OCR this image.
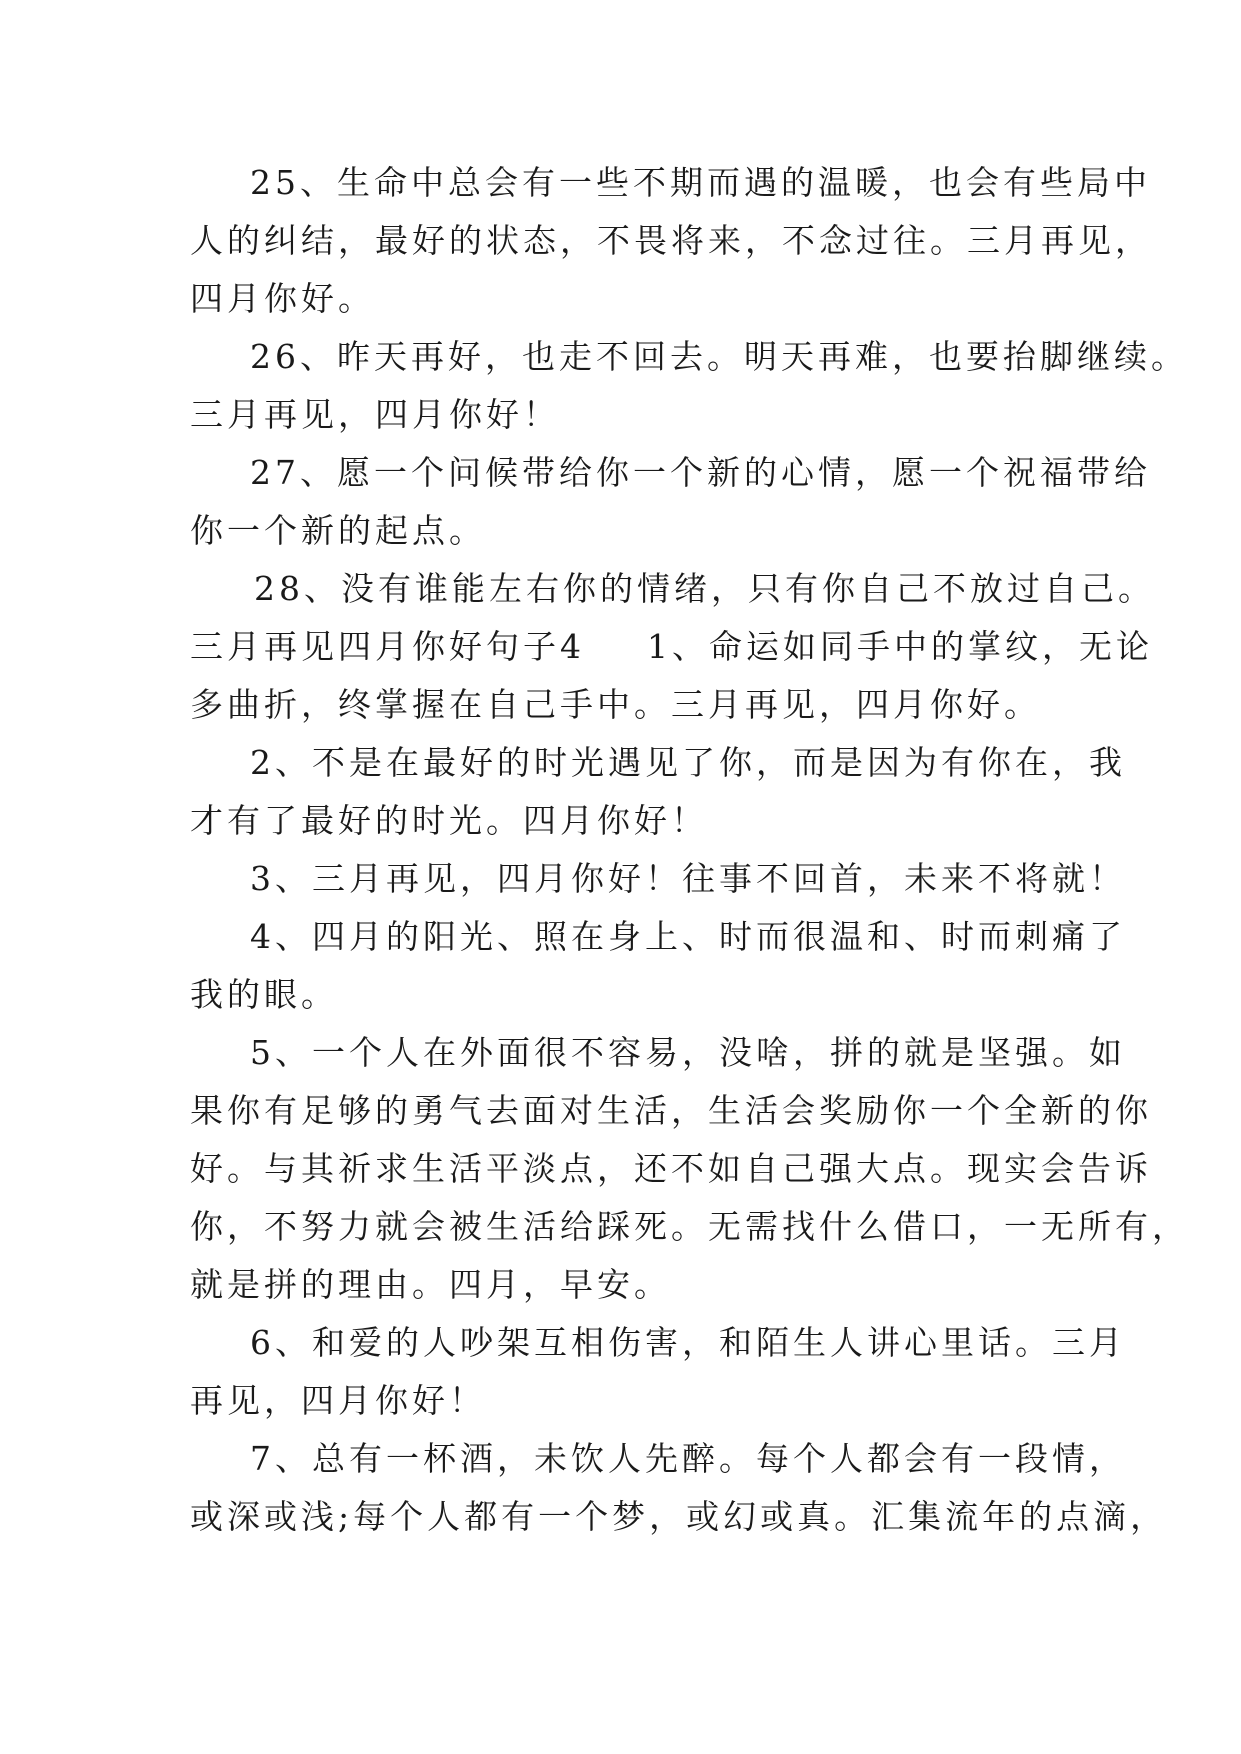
25、生命中总会有一些不期而遇的温暖，也会有些局中
人的纠结，最好的状态，不畏将来，不念过往。三月再见，
四月你好。
26、昨天再好，也走不回去。明天再难，也要抬脚继续。
三月再见，四月你好！
27、愿一个问候带给你一个新的心情，愿一个祝福带给
你一个新的起点。
28、没有谁能左右你的情绪，只有你自己不放过自己。
三月再见四月你好句子4 1、命运如同手中的掌纹，无论
多曲折，终掌握在自己手中。三月再见，四月你好。
2、不是在最好的时光遇见了你，而是因为有你在，我
才有了最好的时光。四月你好！
3、三月再见，四月你好！往事不回首，未来不将就！
4、四月的阳光、照在身上、时而很温和、时而刺痛了
我的眼。
5、一个人在外面很不容易，没啥，拼的就是坚强。如
果你有足够的勇气去面对生活，生活会奖励你一个全新的你
好。与其祈求生活平淡点，还不如自己强大点。现实会告诉
你，不努力就会被生活给踩死。无需找什么借口，一无所有，
就是拼的理由。四月，早安。
6、和爱的人吵架互相伤害，和陌生人讲心里话。三月
再见，四月你好！
7、总有一杯酒，未饮人先醉。每个人都会有一段情，
或深或浅;每个人都有一个梦，或幻或真。汇集流年的点滴，
